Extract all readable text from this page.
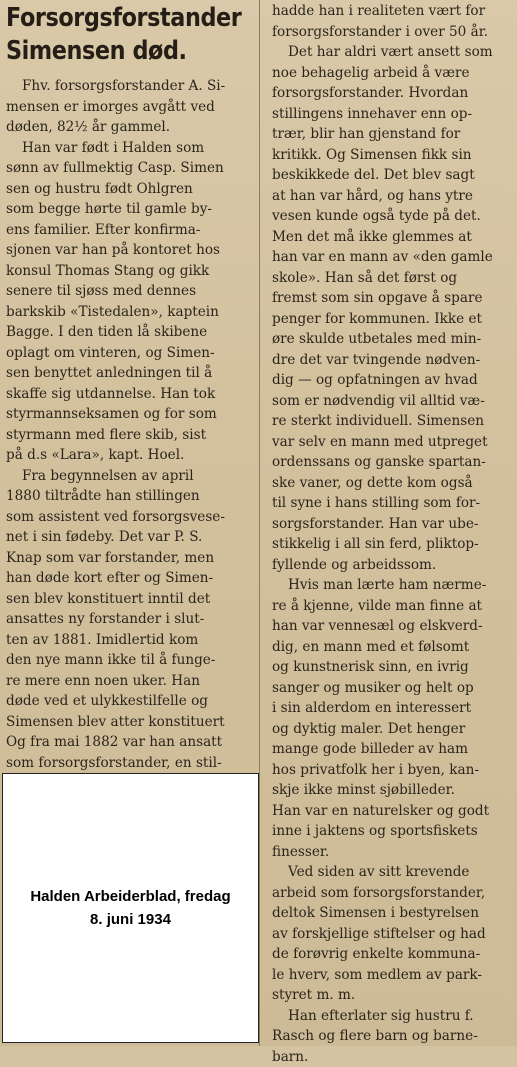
Forsorgsforstander
Simensen død.

Fhv. forsorgsforstander A. Si-
mensen er imorges avgått ved
døden, 82½ år gammel.

Han var født i Halden som
sønn av fullmektig Casp. Simen
sen og hustru født Ohlgren
som begge hørte til gamle by-
ens familier. Efter konfirma-
sjonen var han på kontoret hos
konsul Thomas Stang og gikk
senere til sjøss med dennes
barkskib «Tistedalen», kaptein
Bagge. I den tiden lå skibene
oplagt om vinteren, og Simen-
sen benyttet anledningen til å
skaffe sig utdannelse. Han tok
styrmannseksamen og for som
styrmann med flere skib, sist
på d.s «Lara», kapt. Hoel.

Fra begynnelsen av april
1880 tiltrådte han stillingen
som assistent ved forsorgsvese-
net i sin fødeby. Det var P. S.
Knap som var forstander, men
han døde kort efter og Simen-
sen blev konstituert inntil det
ansattes ny forstander i slut-
ten av 1881. Imidlertid kom
den nye mann ikke til å funge-
re mere enn noen uker. Han
døde ved et ulykkestilfelle og
Simensen blev atter konstituert
Og fra mai 1882 var han ansatt
som forsorgsforstander, en stil-

hadde han i realiteten vært for
forsorgsforstander i over 50 år.

Det har aldri vært ansett som
noe behagelig arbeid å være
forsorgsforstander. Hvordan
stillingens innehaver enn op-
trær, blir han gjenstand for
kritikk. Og Simensen fikk sin
beskikkede del. Det blev sagt
at han var hård, og hans ytre
vesen kunde også tyde på det.
Men det må ikke glemmes at
han var en mann av «den gamle
skole». Han så det først og
fremst som sin opgave å spare
penger for kommunen. Ikke et
øre skulde utbetales med min-
dre det var tvingende nødven-
dig — og opfatningen av hvad
som er nødvendig vil alltid væ-
re sterkt individuell. Simensen
var selv en mann med utpreget
ordenssans og ganske spartan-
ske vaner, og dette kom også
til syne i hans stilling som for-
sorgsforstander. Han var ube-
stikkelig i all sin ferd, pliktop-
fyllende og arbeidssom.

Hvis man lærte ham nærme-
re å kjenne, vilde man finne at
han var vennesæl og elskverd-
dig, en mann med et følsomt
og kunstnerisk sinn, en ivrig
sanger og musiker og helt op
i sin alderdom en interessert
og dyktig maler. Det henger
mange gode billeder av ham
hos privatfolk her i byen, kan-
skje ikke minst sjøbilleder.
Han var en naturelsker og godt
inne i jaktens og sportsfiskets
finesser.

Ved siden av sitt krevende
arbeid som forsorgsforstander,
deltok Simensen i bestyrelsen
av forskjellige stiftelser og had
de forøvrig enkelte kommuna-
le hverv, som medlem av park-
styret m. m.

Han efterlater sig hustru f.
Rasch og flere barn og barne-
barn.

Halden Arbeiderblad, fredag
8. juni 1934
